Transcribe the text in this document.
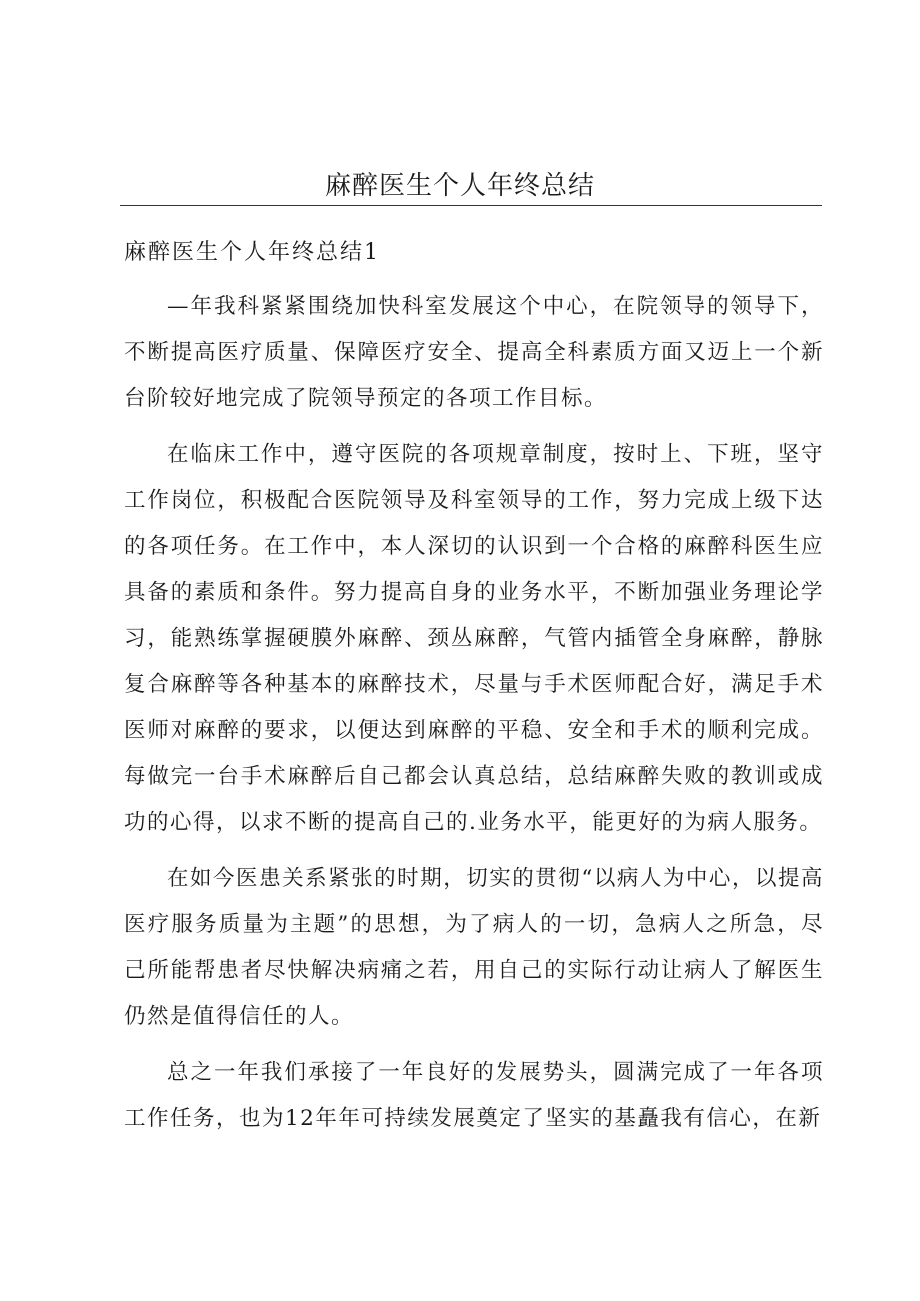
麻醉医生个人年终总结
麻醉医生个人年终总结1

—年我科紧紧围绕加快科室发展这个中心，在院领导的领导下，不断提高医疗质量、保障医疗安全、提高全科素质方面又迈上一个新台阶较好地完成了院领导预定的各项工作目标。

在临床工作中，遵守医院的各项规章制度，按时上、下班，坚守工作岗位，积极配合医院领导及科室领导的工作，努力完成上级下达的各项任务。在工作中，本人深切的认识到一个合格的麻醉科医生应具备的素质和条件。努力提高自身的业务水平，不断加强业务理论学习，能熟练掌握硬膜外麻醉、颈丛麻醉，气管内插管全身麻醉，静脉复合麻醉等各种基本的麻醉技术，尽量与手术医师配合好，满足手术医师对麻醉的要求，以便达到麻醉的平稳、安全和手术的顺利完成。每做完一台手术麻醉后自己都会认真总结，总结麻醉失败的教训或成功的心得，以求不断的提高自己的.业务水平，能更好的为病人服务。

在如今医患关系紧张的时期，切实的贯彻“以病人为中心，以提高医疗服务质量为主题”的思想，为了病人的一切，急病人之所急，尽己所能帮患者尽快解决病痛之若，用自己的实际行动让病人了解医生仍然是值得信任的人。

总之一年我们承接了一年良好的发展势头，圆满完成了一年各项工作任务，也为12年年可持续发展奠定了坚实的基矗我有信心，在新
